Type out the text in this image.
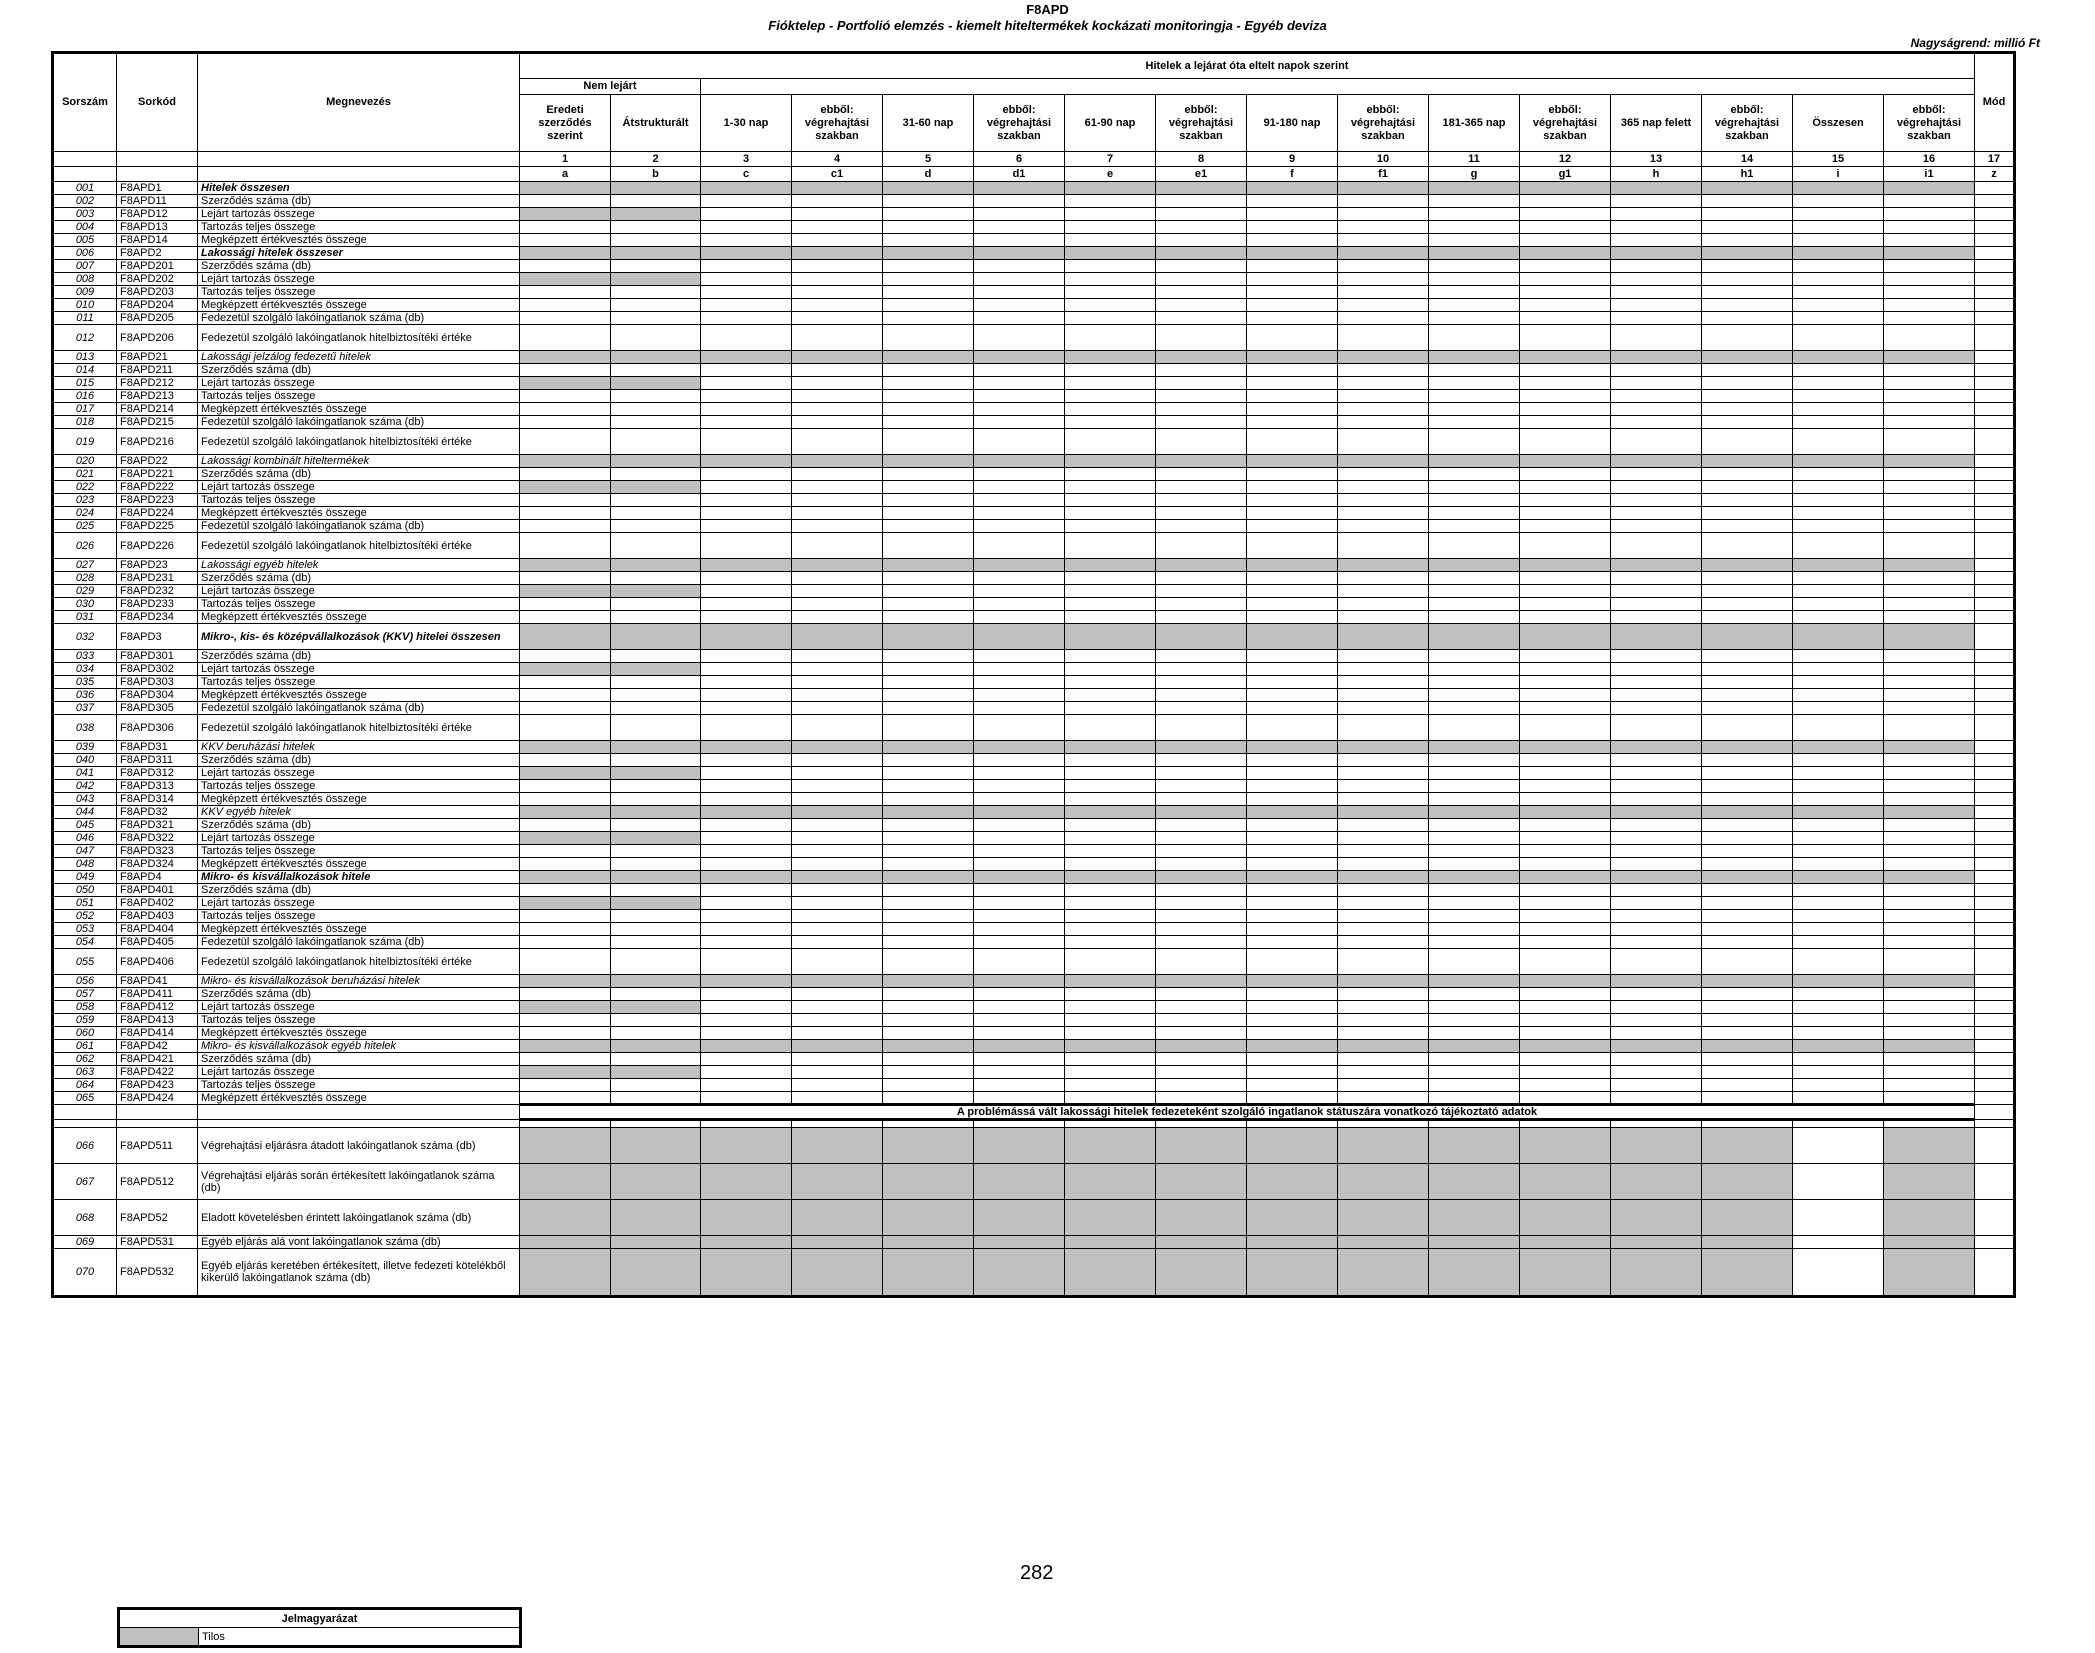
F8APD
Fióktelep - Portfolió elemzés - kiemelt hiteltermékek kockázati monitoringja - Egyéb deviza
Nagyságrend: millió Ft
Sorszám	Sorkód	Megnevezés	Hitelek a lejárat óta eltelt napok szerint																Mód
			Nem lejárt																
			Eredeti szerződés szerint	Átstrukturált	1-30 nap	ebből: végrehajtási szakban	31-60 nap	ebből: végrehajtási szakban	61-90 nap	ebből: végrehajtási szakban	91-180 nap	ebből: végrehajtási szakban	181-365 nap	ebből: végrehajtási szakban	365 nap felett	ebből: végrehajtási szakban	Összesen	ebből: végrehajtási szakban	
			1	2	3	4	5	6	7	8	9	10	11	12	13	14	15	16	17
			a	b	c	c1	d	d1	e	e1	f	f1	g	g1	h	h1	i	i1	z
001	F8APD1	Hitelek összesen																	
002	F8APD11	Szerződés száma (db)																	
003	F8APD12	Lejárt tartozás összege																	
004	F8APD13	Tartozás teljes összege																	
005	F8APD14	Megképzett értékvesztés összege																	
006	F8APD2	Lakossági hitelek összeser																	
007	F8APD201	Szerződés száma (db)																	
008	F8APD202	Lejárt tartozás összege																	
009	F8APD203	Tartozás teljes összege																	
010	F8APD204	Megképzett értékvesztés összege																	
011	F8APD205	Fedezetül szolgáló lakóingatlanok száma (db)																	
012	F8APD206	Fedezetül szolgáló lakóingatlanok hitelbiztosítéki értéke																	
013	F8APD21	Lakossági jelzálog fedezetű hitelek																	
014	F8APD211	Szerződés száma (db)																	
015	F8APD212	Lejárt tartozás összege																	
016	F8APD213	Tartozás teljes összege																	
017	F8APD214	Megképzett értékvesztés összege																	
018	F8APD215	Fedezetül szolgáló lakóingatlanok száma (db)																	
019	F8APD216	Fedezetül szolgáló lakóingatlanok hitelbiztosítéki értéke																	
020	F8APD22	Lakossági kombinált hiteltermékek																	
021	F8APD221	Szerződés száma (db)																	
022	F8APD222	Lejárt tartozás összege																	
023	F8APD223	Tartozás teljes összege																	
024	F8APD224	Megképzett értékvesztés összege																	
025	F8APD225	Fedezetül szolgáló lakóingatlanok száma (db)																	
026	F8APD226	Fedezetül szolgáló lakóingatlanok hitelbiztosítéki értéke																	
027	F8APD23	Lakossági egyéb hitelek																	
028	F8APD231	Szerződés száma (db)																	
029	F8APD232	Lejárt tartozás összege																	
030	F8APD233	Tartozás teljes összege																	
031	F8APD234	Megképzett értékvesztés összege																	
032	F8APD3	Mikro-, kis- és középvállalkozások (KKV) hitelei összesen																	
033	F8APD301	Szerződés száma (db)																	
034	F8APD302	Lejárt tartozás összege																	
035	F8APD303	Tartozás teljes összege																	
036	F8APD304	Megképzett értékvesztés összege																	
037	F8APD305	Fedezetül szolgáló lakóingatlanok száma (db)																	
038	F8APD306	Fedezetül szolgáló lakóingatlanok hitelbiztosítéki értéke																	
039	F8APD31	KKV beruházási hitelek																	
040	F8APD311	Szerződés száma (db)																	
041	F8APD312	Lejárt tartozás összege																	
042	F8APD313	Tartozás teljes összege																	
043	F8APD314	Megképzett értékvesztés összege																	
044	F8APD32	KKV egyéb hitelek																	
045	F8APD321	Szerződés száma (db)																	
046	F8APD322	Lejárt tartozás összege																	
047	F8APD323	Tartozás teljes összege																	
048	F8APD324	Megképzett értékvesztés összege																	
049	F8APD4	Mikro- és kisvállalkozások hitele																	
050	F8APD401	Szerződés száma (db)																	
051	F8APD402	Lejárt tartozás összege																	
052	F8APD403	Tartozás teljes összege																	
053	F8APD404	Megképzett értékvesztés összege																	
054	F8APD405	Fedezetül szolgáló lakóingatlanok száma (db)																	
055	F8APD406	Fedezetül szolgáló lakóingatlanok hitelbiztosítéki értéke																	
056	F8APD41	Mikro- és kisvállalkozások beruházási hitelek																	
057	F8APD411	Szerződés száma (db)																	
058	F8APD412	Lejárt tartozás összege																	
059	F8APD413	Tartozás teljes összege																	
060	F8APD414	Megképzett értékvesztés összege																	
061	F8APD42	Mikro- és kisvállalkozások egyéb hitelek																	
062	F8APD421	Szerződés száma (db)																	
063	F8APD422	Lejárt tartozás összege																	
064	F8APD423	Tartozás teljes összege																	
065	F8APD424	Megképzett értékvesztés összege																	
			A problémássá vált lakossági hitelek fedezeteként szolgáló ingatlanok státuszára vonatkozó tájékoztató adatok																

066	F8APD511	Végrehajtási eljárásra átadott lakóingatlanok száma (db)																	
067	F8APD512	Végrehajtási eljárás során értékesített lakóingatlanok száma (db)																	
068	F8APD52	Eladott követelésben érintett lakóingatlanok száma (db)																	
069	F8APD531	Egyéb eljárás alá vont lakóingatlanok száma (db)																	
070	F8APD532	Egyéb eljárás keretében értékesített, illetve fedezeti kötelékből kikerülő lakóingatlanok száma (db)																	
282
Jelmagyarázat
	Tilos
